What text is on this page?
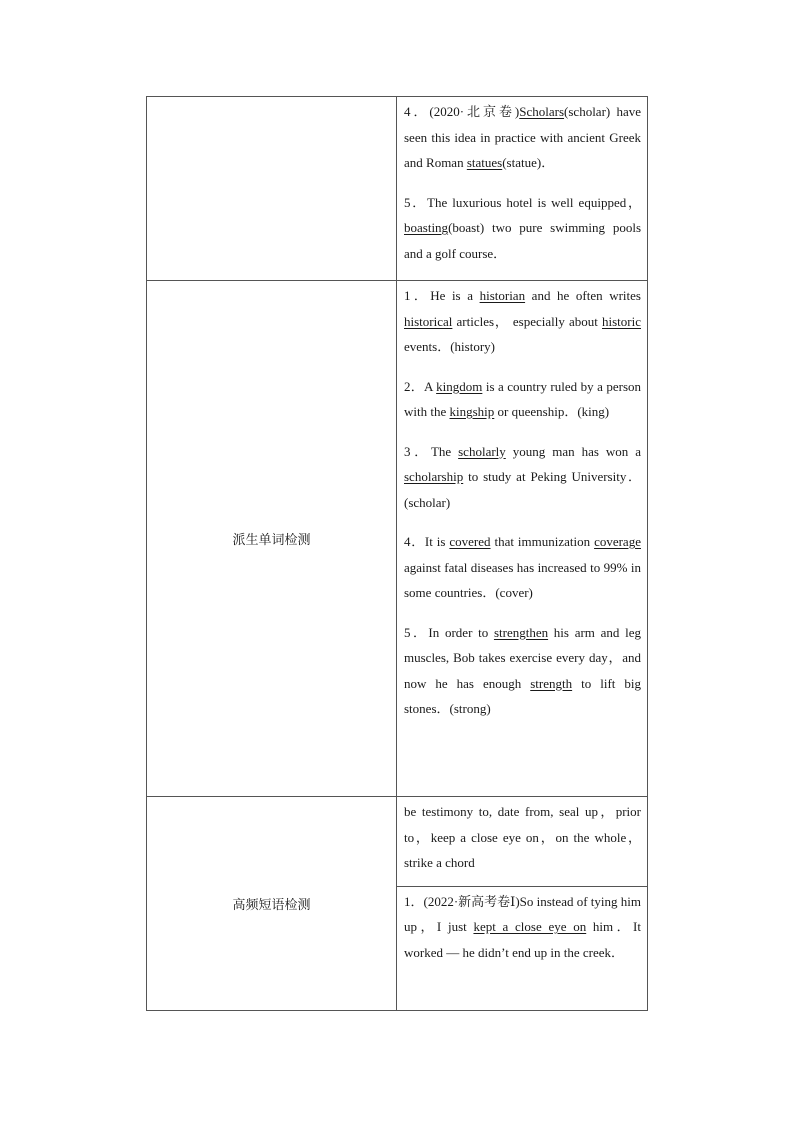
	4．(2020·北京卷)Scholars(scholar) have seen this idea in practice with ancient Greek and Roman statues(statue)．

5．The luxurious hotel is well equipped，boasting(boast) two pure swimming pools and a golf course．

派生单词检测	1．He is a historian and he often writes historical articles， especially about historic events．(history)

2．A kingdom is a country ruled by a person with the kingship or queenship．(king)

3．The scholarly young man has won a scholarship to study at Peking University．(scholar)

4．It is covered that immunization coverage against fatal diseases has increased to 99% in some countries．(cover)

5．In order to strengthen his arm and leg muscles, Bob takes exercise every day，and now he has enough strength to lift big stones．(strong)

高频短语检测	be testimony to, date from, seal up，prior to，keep a close eye on，on the whole，strike a chord

1．(2022·新高考卷Ⅰ)So instead of tying him up，I just kept a close eye on him．It worked — he didn’t end up in the creek．
